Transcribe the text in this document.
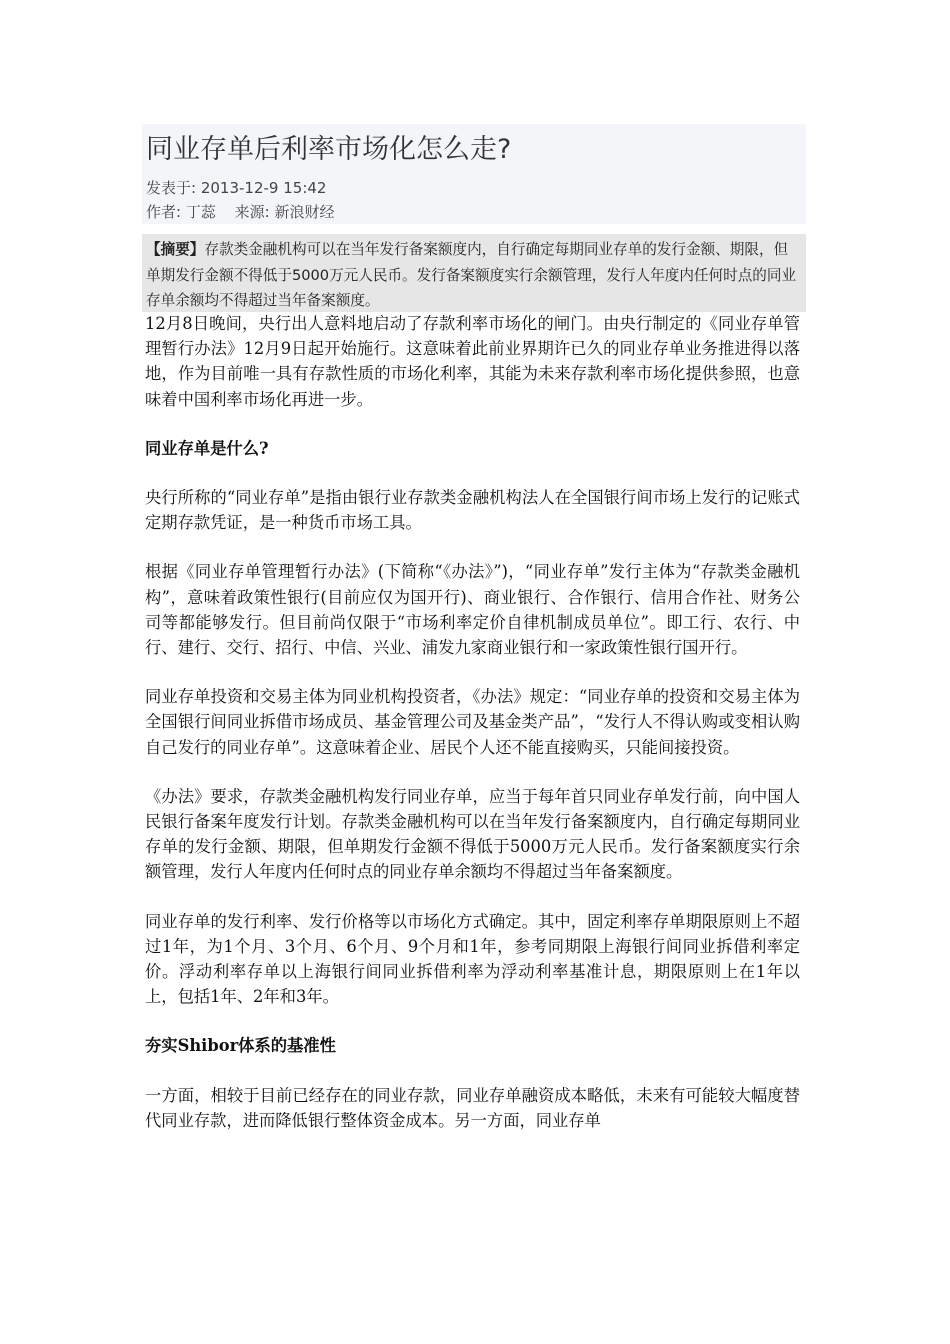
同业存单后利率市场化怎么走?
发表于: 2013-12-9 15:42
作者: 丁蕊 来源: 新浪财经
【摘要】存款类金融机构可以在当年发行备案额度内，自行确定每期同业存单的发行金额、期限，但单期发行金额不得低于5000万元人民币。发行备案额度实行余额管理，发行人年度内任何时点的同业存单余额均不得超过当年备案额度。

12月8日晚间，央行出人意料地启动了存款利率市场化的闸门。由央行制定的《同业存单管理暂行办法》12月9日起开始施行。这意味着此前业界期许已久的同业存单业务推进得以落地，作为目前唯一具有存款性质的市场化利率，其能为未来存款利率市场化提供参照，也意味着中国利率市场化再进一步。

同业存单是什么?

央行所称的“同业存单”是指由银行业存款类金融机构法人在全国银行间市场上发行的记账式定期存款凭证，是一种货币市场工具。

根据《同业存单管理暂行办法》(下简称“《办法》”)，“同业存单”发行主体为“存款类金融机构”，意味着政策性银行(目前应仅为国开行)、商业银行、合作银行、信用合作社、财务公司等都能够发行。但目前尚仅限于“市场利率定价自律机制成员单位”。即工行、农行、中行、建行、交行、招行、中信、兴业、浦发九家商业银行和一家政策性银行国开行。

同业存单投资和交易主体为同业机构投资者，《办法》规定：“同业存单的投资和交易主体为全国银行间同业拆借市场成员、基金管理公司及基金类产品”，“发行人不得认购或变相认购自己发行的同业存单”。这意味着企业、居民个人还不能直接购买，只能间接投资。

《办法》要求，存款类金融机构发行同业存单，应当于每年首只同业存单发行前，向中国人民银行备案年度发行计划。存款类金融机构可以在当年发行备案额度内，自行确定每期同业存单的发行金额、期限，但单期发行金额不得低于5000万元人民币。发行备案额度实行余额管理，发行人年度内任何时点的同业存单余额均不得超过当年备案额度。

同业存单的发行利率、发行价格等以市场化方式确定。其中，固定利率存单期限原则上不超过1年，为1个月、3个月、6个月、9个月和1年，参考同期限上海银行间同业拆借利率定价。浮动利率存单以上海银行间同业拆借利率为浮动利率基准计息，期限原则上在1年以上，包括1年、2年和3年。

夯实Shibor体系的基准性

一方面，相较于目前已经存在的同业存款，同业存单融资成本略低，未来有可能较大幅度替代同业存款，进而降低银行整体资金成本。另一方面，同业存单
